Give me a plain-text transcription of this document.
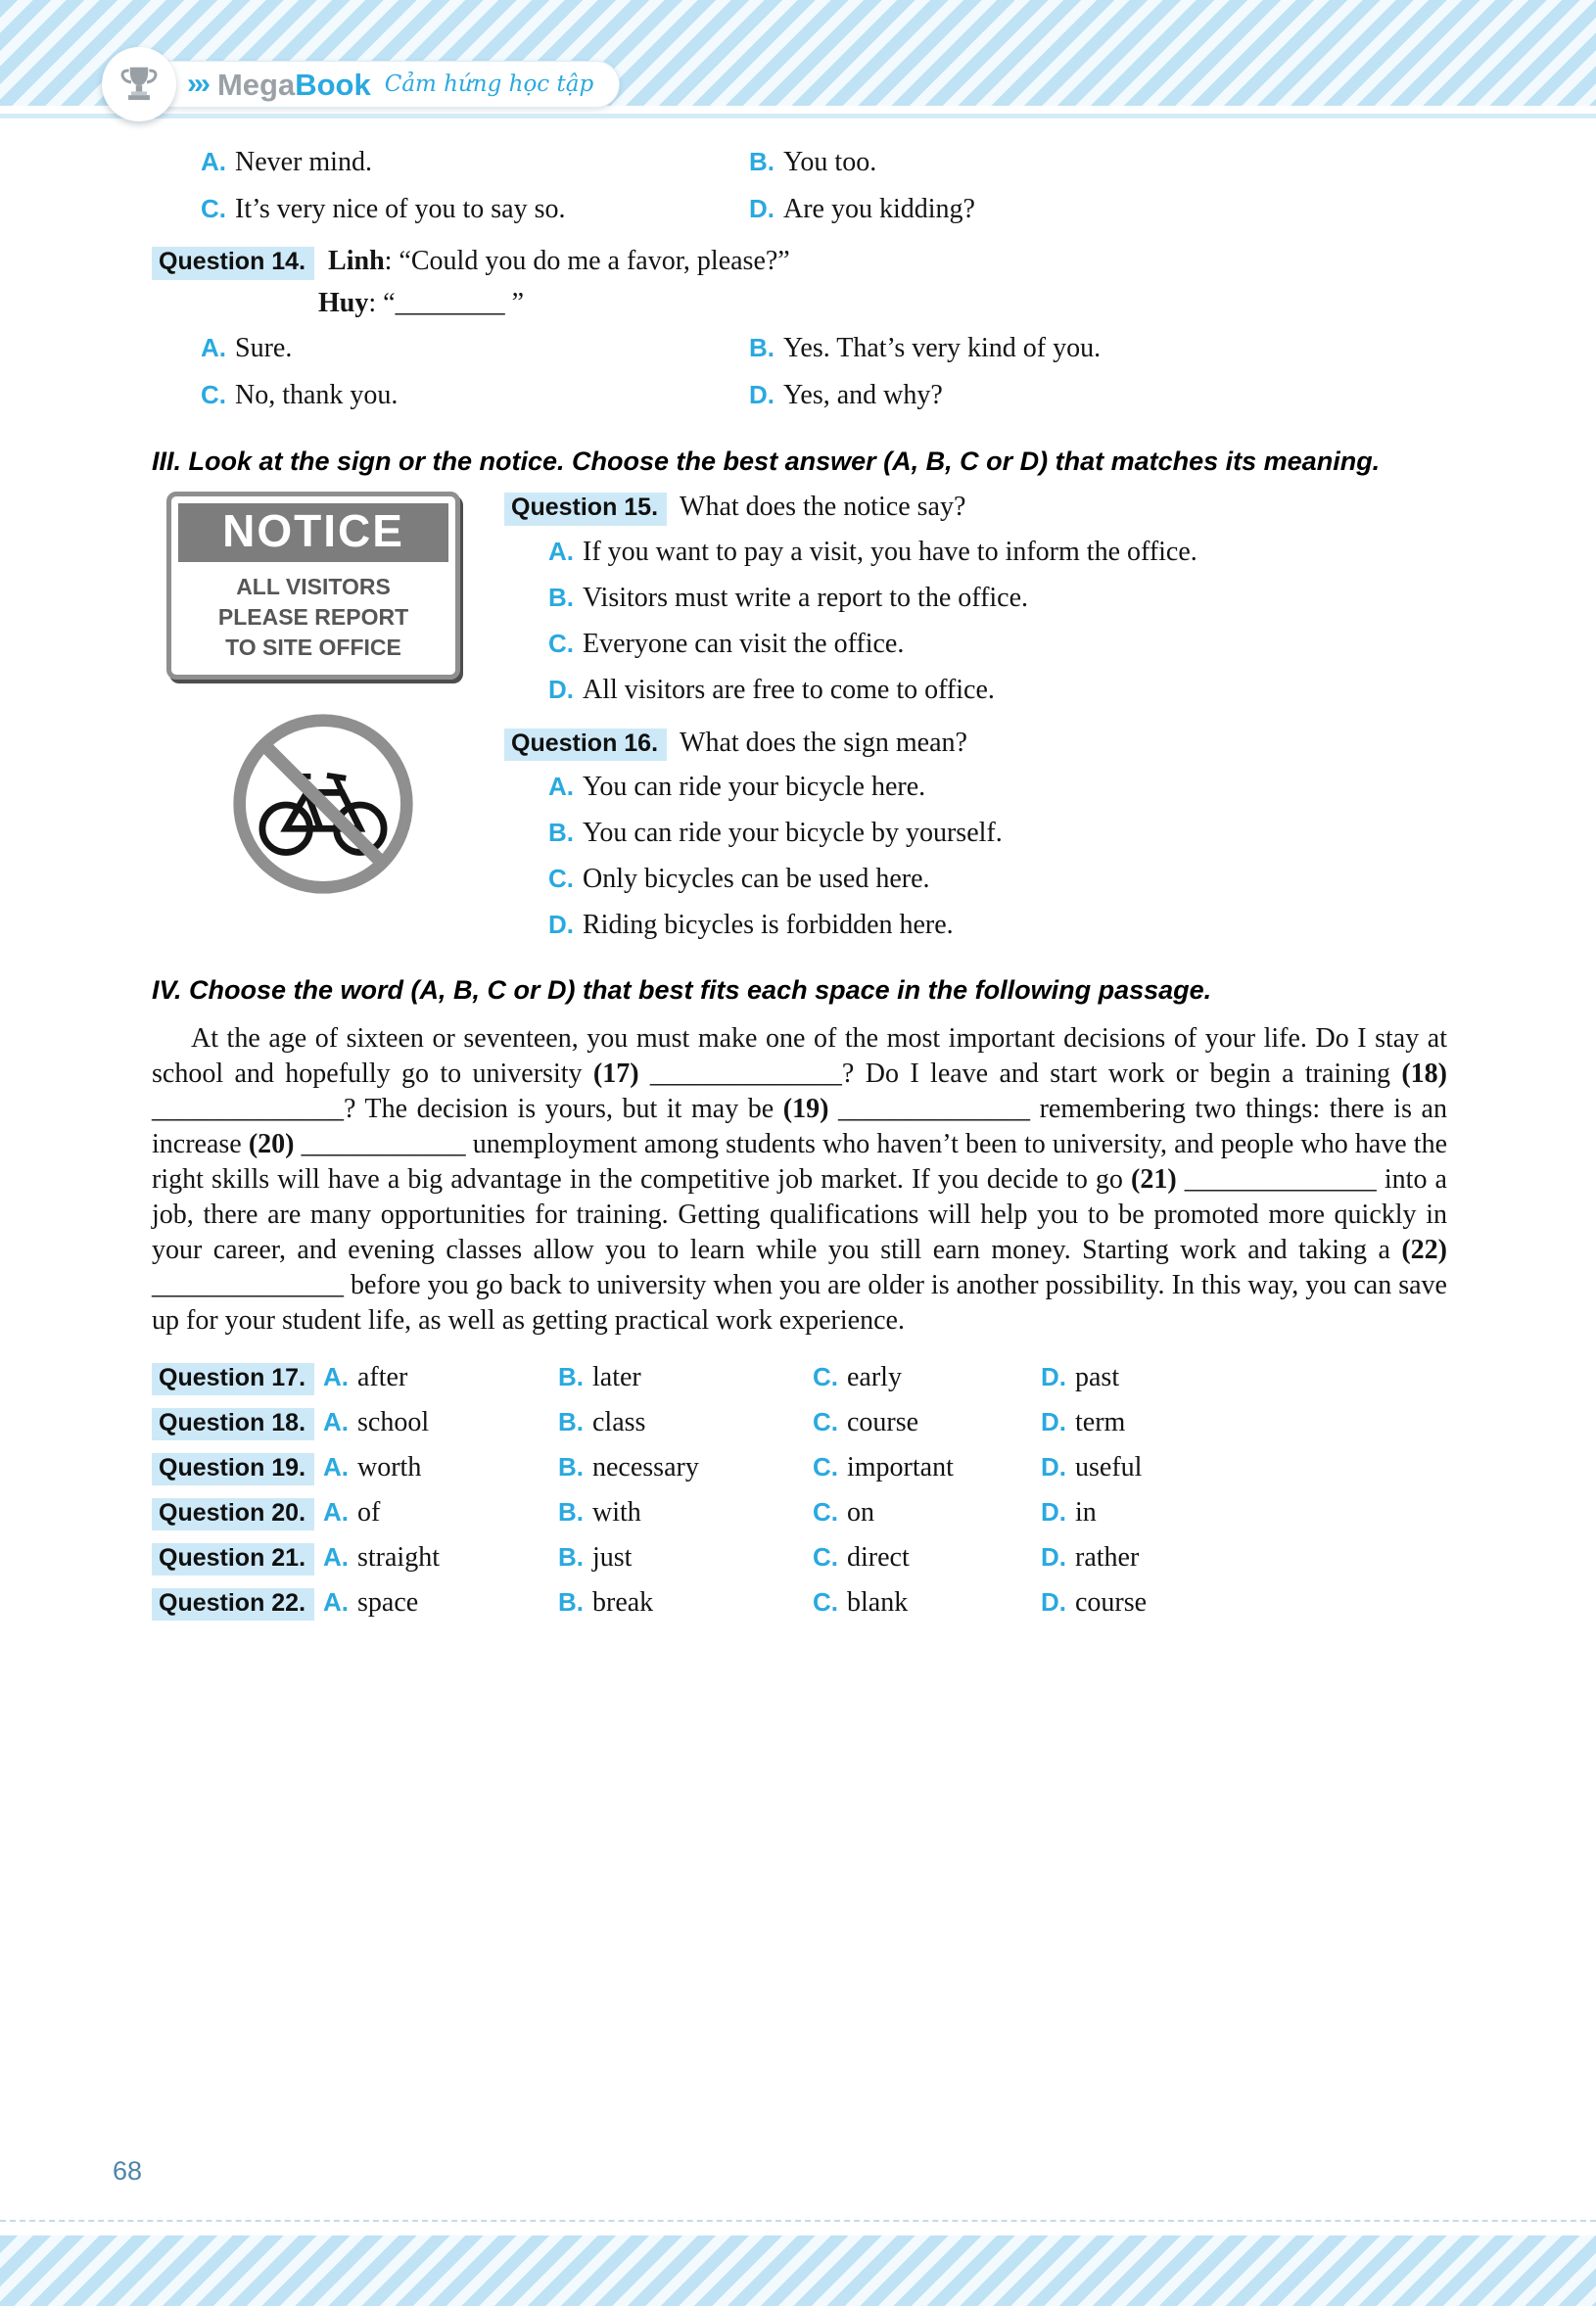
››› MegaBook Cảm hứng học tập
A. Never mind.	B. You too.
C. It’s very nice of you to say so.	D. Are you kidding?
Question 14. Linh: “Could you do me a favor, please?”
Huy: “________ ”
A. Sure.	B. Yes. That’s very kind of you.
C. No, thank you.	D. Yes, and why?
III. Look at the sign or the notice. Choose the best answer (A, B, C or D) that matches its meaning.
NOTICE
ALL VISITORS
PLEASE REPORT
TO SITE OFFICE
Question 15. What does the notice say?
A. If you want to pay a visit, you have to inform the office.
B. Visitors must write a report to the office.
C. Everyone can visit the office.
D. All visitors are free to come to office.
Question 16. What does the sign mean?
A. You can ride your bicycle here.
B. You can ride your bicycle by yourself.
C. Only bicycles can be used here.
D. Riding bicycles is forbidden here.
IV. Choose the word (A, B, C or D) that best fits each space in the following passage.

At the age of sixteen or seventeen, you must make one of the most important decisions of your life. Do I stay at school and hopefully go to university (17) ______________? Do I leave and start work or begin a training (18) ______________? The decision is yours, but it may be (19) ______________ remembering two things: there is an increase (20) ____________ unemployment among students who haven’t been to university, and people who have the right skills will have a big advantage in the competitive job market. If you decide to go (21) ______________ into a job, there are many opportunities for training. Getting qualifications will help you to be promoted more quickly in your career, and evening classes allow you to learn while you still earn money. Starting work and taking a (22) ______________ before you go back to university when you are older is another possibility. In this way, you can save up for your student life, as well as getting practical work experience.

Question 17. A. after	B. later	C. early	D. past
Question 18. A. school	B. class	C. course	D. term
Question 19. A. worth	B. necessary	C. important	D. useful
Question 20. A. of	B. with	C. on	D. in
Question 21. A. straight	B. just	C. direct	D. rather
Question 22. A. space	B. break	C. blank	D. course
68
